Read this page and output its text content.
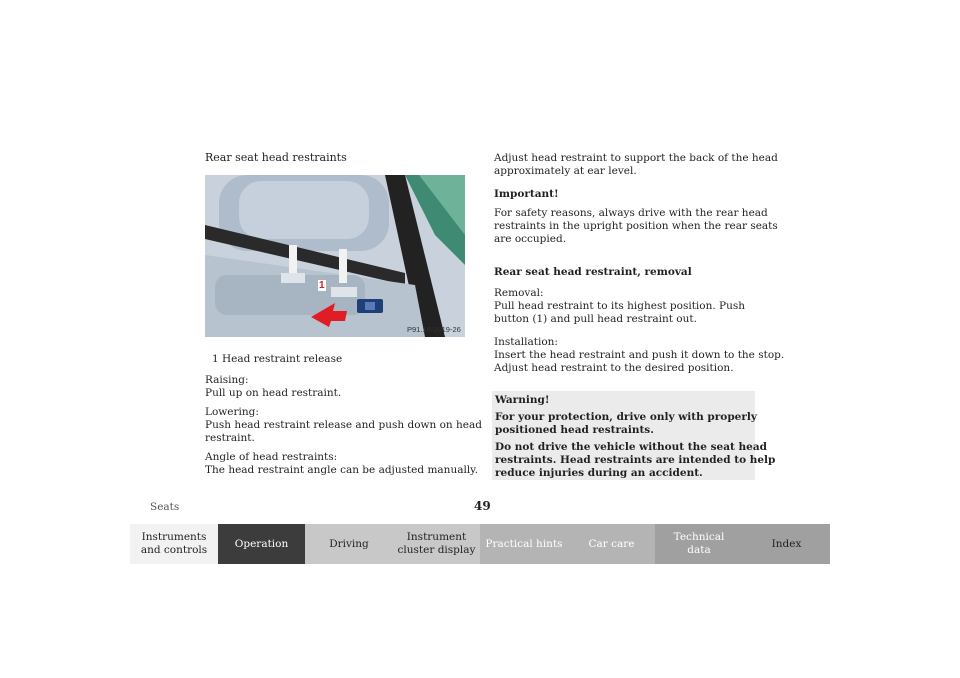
Rear seat head restraints
1
P91.16-2019-26
1 Head restraint release
Raising:
Pull up on head restraint.
Lowering:
Push head restraint release and push down on head
restraint.
Angle of head restraints:
The head restraint angle can be adjusted manually.
Adjust head restraint to support the back of the head
approximately at ear level.
Important!
For safety reasons, always drive with the rear head
restraints in the upright position when the rear seats
are occupied.
Rear seat head restraint, removal
Removal:
Pull head restraint to its highest position. Push
button (1) and pull head restraint out.
Installation:
Insert the head restraint and push it down to the stop.
Adjust head restraint to the desired position.
Warning!
For your protection, drive only with properly
positioned head restraints.
Do not drive the vehicle without the seat head
restraints. Head restraints are intended to help
reduce injuries during an accident.
Seats	49
Instruments
and controls
Operation	Driving
Instrument
cluster display
Practical hints Car care
Technical
data
Index
